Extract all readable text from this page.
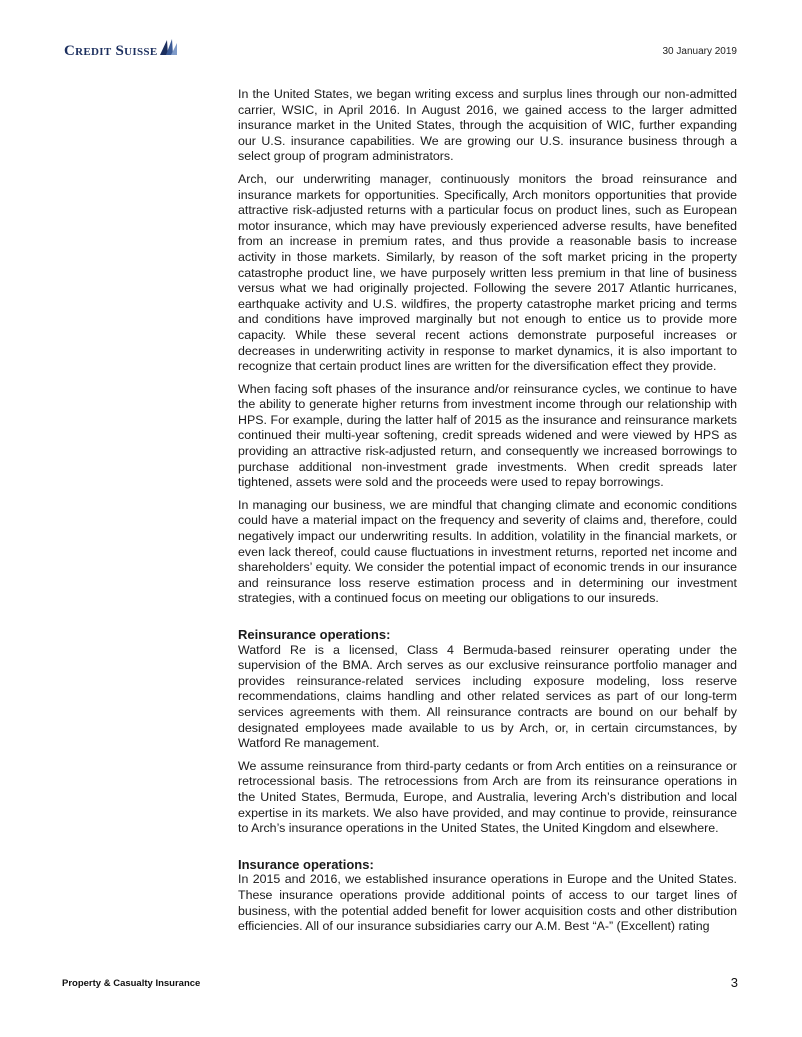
Credit Suisse	30 January 2019

In the United States, we began writing excess and surplus lines through our non-admitted carrier, WSIC, in April 2016. In August 2016, we gained access to the larger admitted insurance market in the United States, through the acquisition of WIC, further expanding our U.S. insurance capabilities. We are growing our U.S. insurance business through a select group of program administrators.

Arch, our underwriting manager, continuously monitors the broad reinsurance and insurance markets for opportunities. Specifically, Arch monitors opportunities that provide attractive risk-adjusted returns with a particular focus on product lines, such as European motor insurance, which may have previously experienced adverse results, have benefited from an increase in premium rates, and thus provide a reasonable basis to increase activity in those markets. Similarly, by reason of the soft market pricing in the property catastrophe product line, we have purposely written less premium in that line of business versus what we had originally projected. Following the severe 2017 Atlantic hurricanes, earthquake activity and U.S. wildfires, the property catastrophe market pricing and terms and conditions have improved marginally but not enough to entice us to provide more capacity. While these several recent actions demonstrate purposeful increases or decreases in underwriting activity in response to market dynamics, it is also important to recognize that certain product lines are written for the diversification effect they provide.

When facing soft phases of the insurance and/or reinsurance cycles, we continue to have the ability to generate higher returns from investment income through our relationship with HPS. For example, during the latter half of 2015 as the insurance and reinsurance markets continued their multi-year softening, credit spreads widened and were viewed by HPS as providing an attractive risk-adjusted return, and consequently we increased borrowings to purchase additional non-investment grade investments. When credit spreads later tightened, assets were sold and the proceeds were used to repay borrowings.

In managing our business, we are mindful that changing climate and economic conditions could have a material impact on the frequency and severity of claims and, therefore, could negatively impact our underwriting results. In addition, volatility in the financial markets, or even lack thereof, could cause fluctuations in investment returns, reported net income and shareholders’ equity. We consider the potential impact of economic trends in our insurance and reinsurance loss reserve estimation process and in determining our investment strategies, with a continued focus on meeting our obligations to our insureds.

Reinsurance operations:

Watford Re is a licensed, Class 4 Bermuda-based reinsurer operating under the supervision of the BMA. Arch serves as our exclusive reinsurance portfolio manager and provides reinsurance-related services including exposure modeling, loss reserve recommendations, claims handling and other related services as part of our long-term services agreements with them. All reinsurance contracts are bound on our behalf by designated employees made available to us by Arch, or, in certain circumstances, by Watford Re management.

We assume reinsurance from third-party cedants or from Arch entities on a reinsurance or retrocessional basis. The retrocessions from Arch are from its reinsurance operations in the United States, Bermuda, Europe, and Australia, levering Arch’s distribution and local expertise in its markets. We also have provided, and may continue to provide, reinsurance to Arch’s insurance operations in the United States, the United Kingdom and elsewhere.

Insurance operations:

In 2015 and 2016, we established insurance operations in Europe and the United States. These insurance operations provide additional points of access to our target lines of business, with the potential added benefit for lower acquisition costs and other distribution efficiencies. All of our insurance subsidiaries carry our A.M. Best “A-” (Excellent) rating

Property & Casualty Insurance	3
